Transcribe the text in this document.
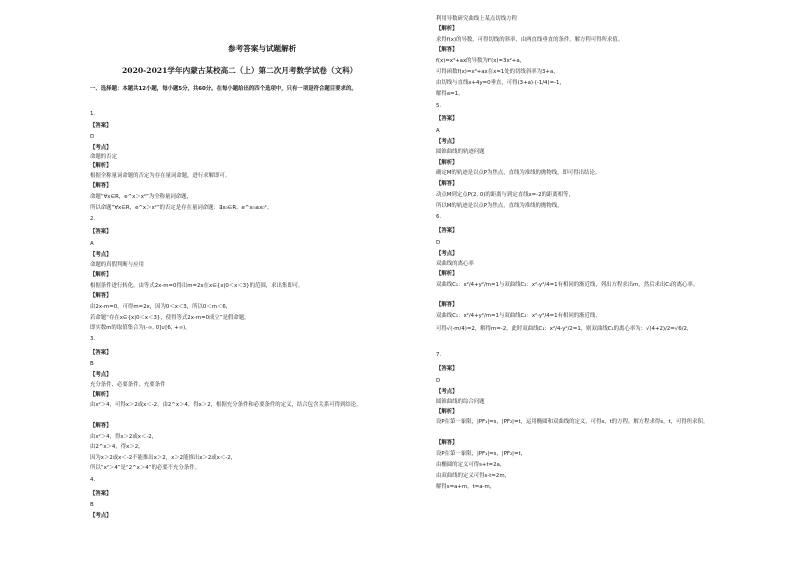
参考答案与试题解析
2020-2021学年内蒙古某校高二（上）第二次月考数学试卷（文科）
一、选择题：本题共12小题，每小题5分，共60分。在每小题给出的四个选项中，只有一项是符合题目要求的。
1.
【答案】
D
【考点】
命题的否定
【解析】
根据全称量词命题的否定为存在量词命题，进行求解即可。
【解答】
命题“∀x∈R，e^x＞x²”为全称量词命题，
所以命题“∀x∈R，e^x＞x²”的否定是存在量词命题：∃x₀∈R，e^x₀≤x₀²。
2.
【答案】
A
【考点】
命题的真假判断与应用
【解析】
根据条件进行转化，由等式2x-m=0得出m=2x在x∈{x|0＜x＜3}的范围，求出集即可。
【解答】
由2x-m=0，可得m=2x，因为0＜x＜3，所以0＜m＜6，
若命题“存在x∈{x|0＜x＜3}，使得等式2x-m=0成立”是假命题，
即实数m的取值集合为(-∞, 0]∪[6, +∞)。
3.
【答案】
B
【考点】
充分条件、必要条件、充要条件
【解析】
由x²＞4，可得x＞2或x＜-2，由2^x＞4，得x＞2，根据充分条件和必要条件的定义，结合包含关系可得到结论。
【解答】
由x²＞4，得x＞2或x＜-2，
由2^x＞4，得x＞2，
因为x＞2或x＜-2不能推出x＞2，x＞2能推出x＞2或x＜-2，
所以“x²＞4”是“2^x＞4”的必要不充分条件。
4.
【答案】
B
【考点】
利用导数研究曲线上某点切线方程
【解析】
求得f(x)的导数，可得切线的斜率，由两直线垂直的条件，解方程可得所求值。
【解答】
f(x)=x³+ax的导数为f'(x)=3x²+a，
可得函数f(x)=x³+ax在x=1处的切线斜率为3+a，
由切线与直线x+4y=0垂直，可得(3+a)·(-1/4)=-1，
解得a=1。
5.
【答案】
A
【考点】
圆锥曲线的轨迹问题
【解析】
确定M的轨迹是以点P为焦点，直线为准线的抛物线，即可得出结论。
【解答】
动点M到定点P(2, 0)的距离与到定直线x=-2的距离相等，
所以M的轨迹是以点P为焦点，直线为准线的抛物线，
6.
【答案】
D
【考点】
双曲线的离心率
【解析】
双曲线C₁：x²/4+y²/m=1与双曲线C₂：x²-y²/4=1有相同的渐近线，列出方程求出m，然后求出C₁的离心率。
【解答】
双曲线C₁：x²/4+y²/m=1与双曲线C₂：x²-y²/4=1有相同的渐近线，
可得√(-m/4)=2，解得m=-2，此时双曲线C₁：x²/4-y²/2=1，则双曲线C₁的离心率为：√(4+2)/2=√6/2，
7.
【答案】
D
【考点】
圆锥曲线的综合问题
【解析】
设P在第一象限，|PF₁|=s，|PF₂|=t，运用椭圆和双曲线的定义，可得s，t的方程，解方程求得s，t，可得所求积。
【解答】
设P在第一象限，|PF₁|=s，|PF₂|=t，
由椭圆的定义可得s+t=2a，
由双曲线的定义可得s-t=2m，
解得s=a+m，t=a-m，
